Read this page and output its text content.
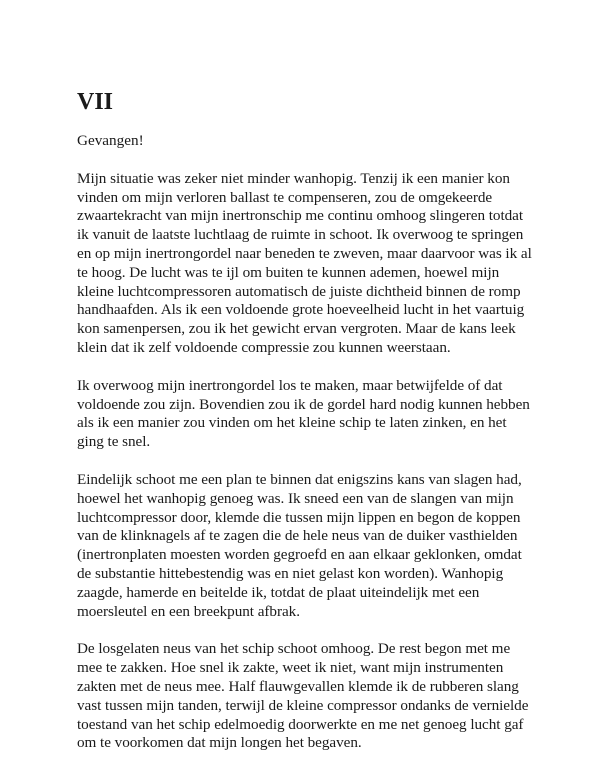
VII

Gevangen!

Mijn situatie was zeker niet minder wanhopig. Tenzij ik een manier kon
vinden om mijn verloren ballast te compenseren, zou de omgekeerde
zwaartekracht van mijn inertronschip me continu omhoog slingeren totdat
ik vanuit de laatste luchtlaag de ruimte in schoot. Ik overwoog te springen
en op mijn inertrongordel naar beneden te zweven, maar daarvoor was ik al
te hoog. De lucht was te ijl om buiten te kunnen ademen, hoewel mijn
kleine luchtcompressoren automatisch de juiste dichtheid binnen de romp
handhaafden. Als ik een voldoende grote hoeveelheid lucht in het vaartuig
kon samenpersen, zou ik het gewicht ervan vergroten. Maar de kans leek
klein dat ik zelf voldoende compressie zou kunnen weerstaan.

Ik overwoog mijn inertrongordel los te maken, maar betwijfelde of dat
voldoende zou zijn. Bovendien zou ik de gordel hard nodig kunnen hebben
als ik een manier zou vinden om het kleine schip te laten zinken, en het
ging te snel.

Eindelijk schoot me een plan te binnen dat enigszins kans van slagen had,
hoewel het wanhopig genoeg was. Ik sneed een van de slangen van mijn
luchtcompressor door, klemde die tussen mijn lippen en begon de koppen
van de klinknagels af te zagen die de hele neus van de duiker vasthielden
(inertronplaten moesten worden gegroefd en aan elkaar geklonken, omdat
de substantie hittebestendig was en niet gelast kon worden). Wanhopig
zaagde, hamerde en beitelde ik, totdat de plaat uiteindelijk met een
moersleutel en een breekpunt afbrak.

De losgelaten neus van het schip schoot omhoog. De rest begon met me
mee te zakken. Hoe snel ik zakte, weet ik niet, want mijn instrumenten
zakten met de neus mee. Half flauwgevallen klemde ik de rubberen slang
vast tussen mijn tanden, terwijl de kleine compressor ondanks de vernielde
toestand van het schip edelmoedig doorwerkte en me net genoeg lucht gaf
om te voorkomen dat mijn longen het begaven.
